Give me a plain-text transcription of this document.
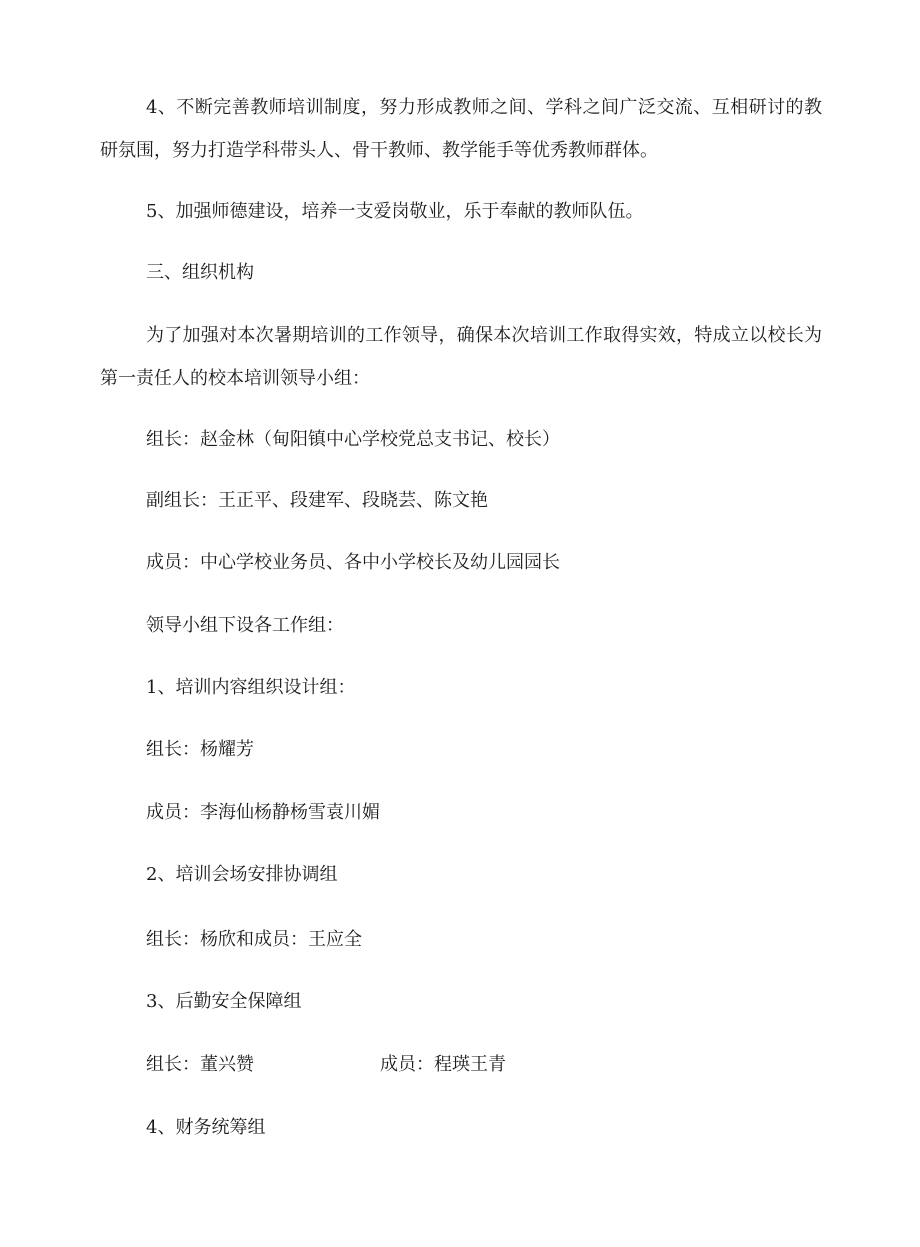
4、不断完善教师培训制度，努力形成教师之间、学科之间广泛交流、互相研讨的教研氛围，努力打造学科带头人、骨干教师、教学能手等优秀教师群体。

5、加强师德建设，培养一支爱岗敬业，乐于奉献的教师队伍。

三、组织机构

为了加强对本次暑期培训的工作领导，确保本次培训工作取得实效，特成立以校长为第一责任人的校本培训领导小组：

组长：赵金林（甸阳镇中心学校党总支书记、校长）

副组长：王正平、段建军、段晓芸、陈文艳

成员：中心学校业务员、各中小学校长及幼儿园园长

领导小组下设各工作组：

1、培训内容组织设计组：

组长：杨耀芳

成员：李海仙杨静杨雪袁川媚

2、培训会场安排协调组

组长：杨欣和成员：王应全

3、后勤安全保障组

组长：董兴赞	成员：程瑛王青

4、财务统筹组
